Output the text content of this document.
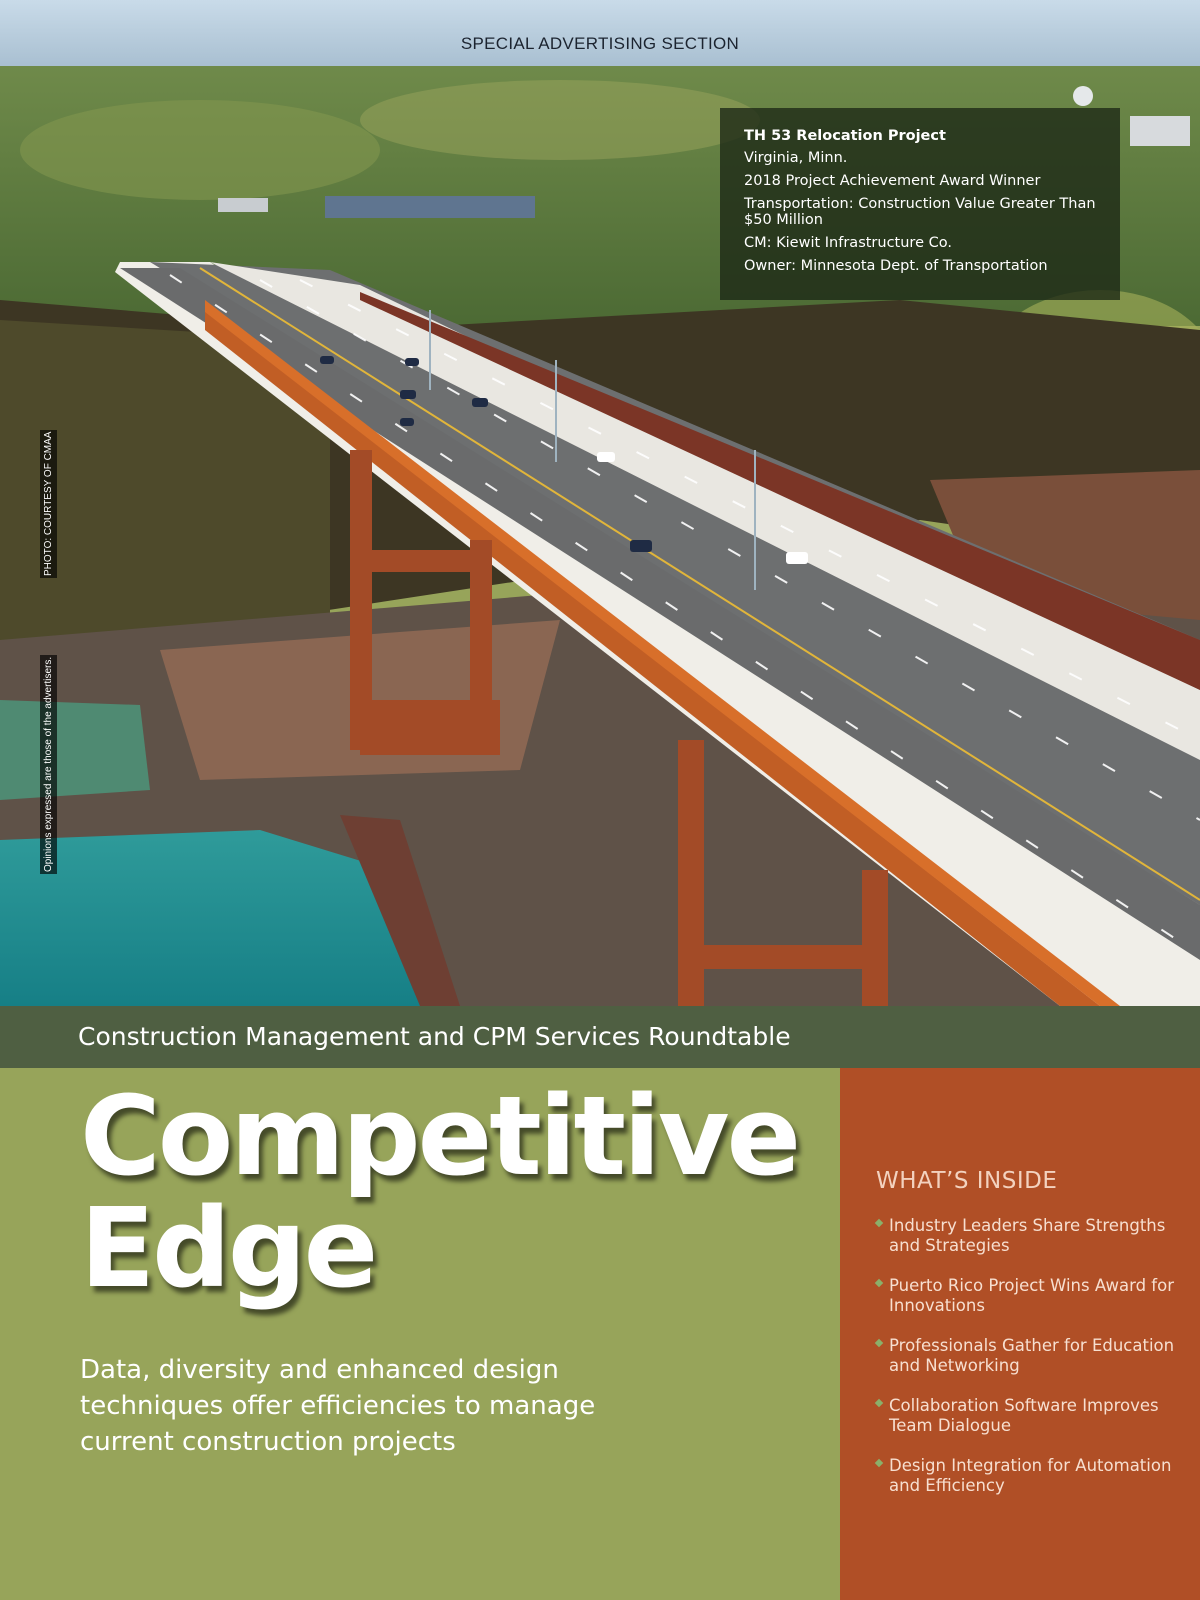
SPECIAL ADVERTISING SECTION
TH 53 Relocation Project
Virginia, Minn.
2018 Project Achievement Award Winner
Transportation: Construction Value Greater Than $50 Million
CM: Kiewit Infrastructure Co.
Owner: Minnesota Dept. of Transportation
PHOTO: COURTESY OF CMAA
Opinions expressed are those of the advertisers.
Construction Management and CPM Services Roundtable
Competitive
Edge
Data, diversity and enhanced design techniques offer efficiencies to manage current construction projects
WHAT’S INSIDE
Industry Leaders Share Strengths and Strategies
Puerto Rico Project Wins Award for Innovations
Professionals Gather for Education and Networking
Collaboration Software Improves Team Dialogue
Design Integration for Automation and Efficiency
